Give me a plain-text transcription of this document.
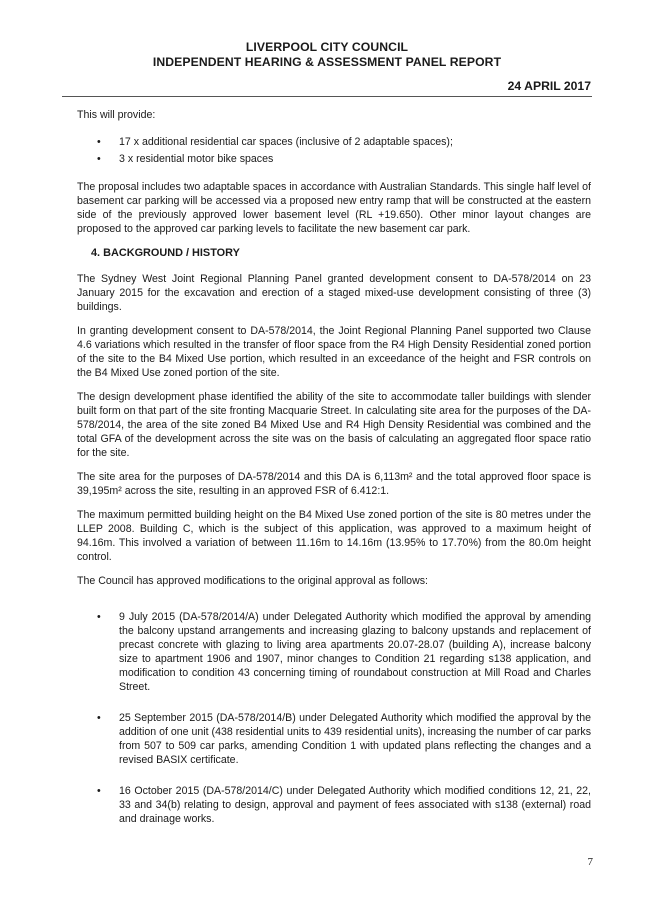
LIVERPOOL CITY COUNCIL
INDEPENDENT HEARING & ASSESSMENT PANEL REPORT
24 APRIL 2017

This will provide:

• 17 x additional residential car spaces (inclusive of 2 adaptable spaces);
• 3 x residential motor bike spaces

The proposal includes two adaptable spaces in accordance with Australian Standards. This single half level of basement car parking will be accessed via a proposed new entry ramp that will be constructed at the eastern side of the previously approved lower basement level (RL +19.650). Other minor layout changes are proposed to the approved car parking levels to facilitate the new basement car park.

4. BACKGROUND / HISTORY

The Sydney West Joint Regional Planning Panel granted development consent to DA-578/2014 on 23 January 2015 for the excavation and erection of a staged mixed-use development consisting of three (3) buildings.

In granting development consent to DA-578/2014, the Joint Regional Planning Panel supported two Clause 4.6 variations which resulted in the transfer of floor space from the R4 High Density Residential zoned portion of the site to the B4 Mixed Use portion, which resulted in an exceedance of the height and FSR controls on the B4 Mixed Use zoned portion of the site.

The design development phase identified the ability of the site to accommodate taller buildings with slender built form on that part of the site fronting Macquarie Street. In calculating site area for the purposes of the DA-578/2014, the area of the site zoned B4 Mixed Use and R4 High Density Residential was combined and the total GFA of the development across the site was on the basis of calculating an aggregated floor space ratio for the site.

The site area for the purposes of DA-578/2014 and this DA is 6,113m² and the total approved floor space is 39,195m² across the site, resulting in an approved FSR of 6.412:1.

The maximum permitted building height on the B4 Mixed Use zoned portion of the site is 80 metres under the LLEP 2008. Building C, which is the subject of this application, was approved to a maximum height of 94.16m. This involved a variation of between 11.16m to 14.16m (13.95% to 17.70%) from the 80.0m height control.

The Council has approved modifications to the original approval as follows:

• 9 July 2015 (DA-578/2014/A) under Delegated Authority which modified the approval by amending the balcony upstand arrangements and increasing glazing to balcony upstands and replacement of precast concrete with glazing to living area apartments 20.07-28.07 (building A), increase balcony size to apartment 1906 and 1907, minor changes to Condition 21 regarding s138 application, and modification to condition 43 concerning timing of roundabout construction at Mill Road and Charles Street.
• 25 September 2015 (DA-578/2014/B) under Delegated Authority which modified the approval by the addition of one unit (438 residential units to 439 residential units), increasing the number of car parks from 507 to 509 car parks, amending Condition 1 with updated plans reflecting the changes and a revised BASIX certificate.
• 16 October 2015 (DA-578/2014/C) under Delegated Authority which modified conditions 12, 21, 22, 33 and 34(b) relating to design, approval and payment of fees associated with s138 (external) road and drainage works.
7
